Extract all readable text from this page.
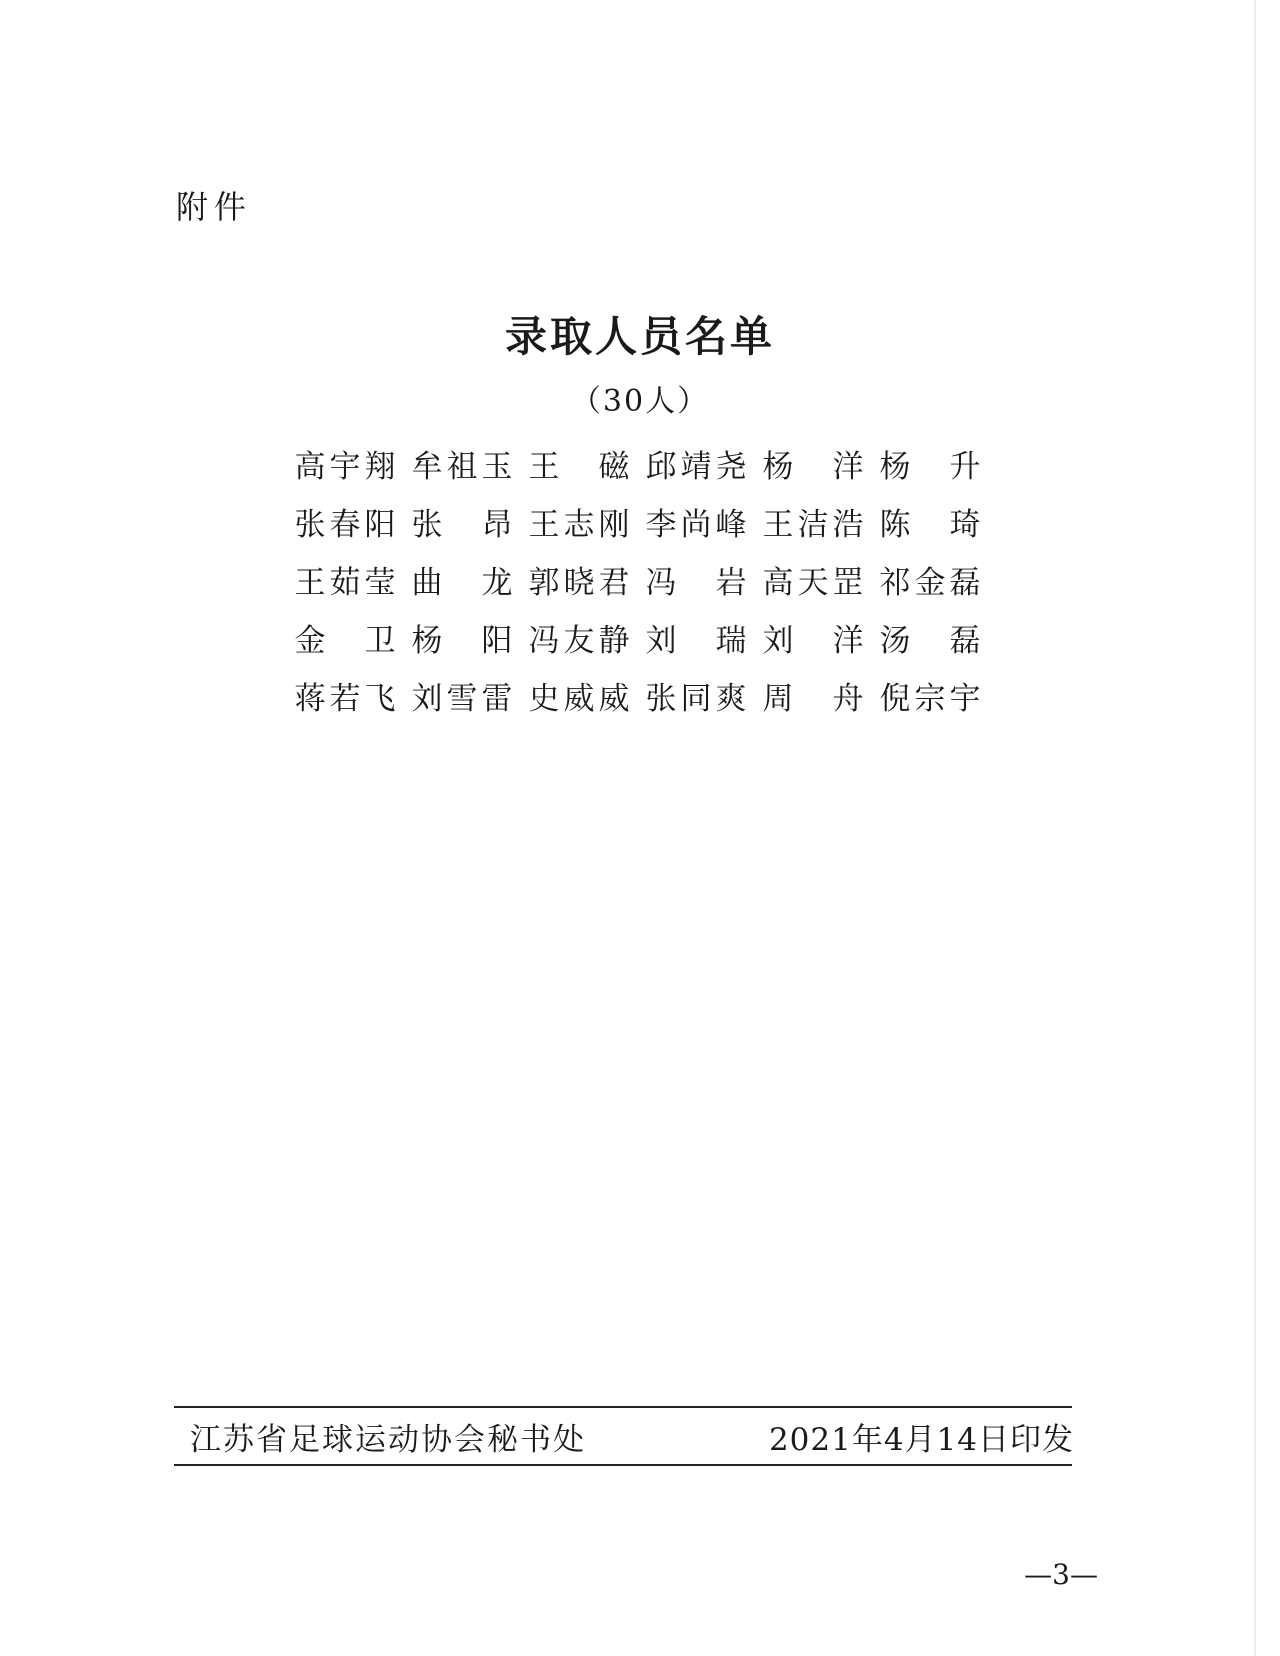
附件
录取人员名单
（30人）
高 宇 翔 牟 祖 玉 王 磁 邱 靖 尧 杨 洋 杨 升
张 春 阳 张 昂 王 志 刚 李 尚 峰 王 洁 浩 陈 琦
王 茹 莹 曲 龙 郭 晓 君 冯 岩 高 天 罡 祁 金 磊
金 卫 杨 阳 冯 友 静 刘 瑞 刘 洋 汤 磊
蒋 若 飞 刘 雪 雷 史 威 威 张 同 爽 周 舟 倪 宗 宇
江苏省足球运动协会秘书处	2021年4月14日印发
—3—
